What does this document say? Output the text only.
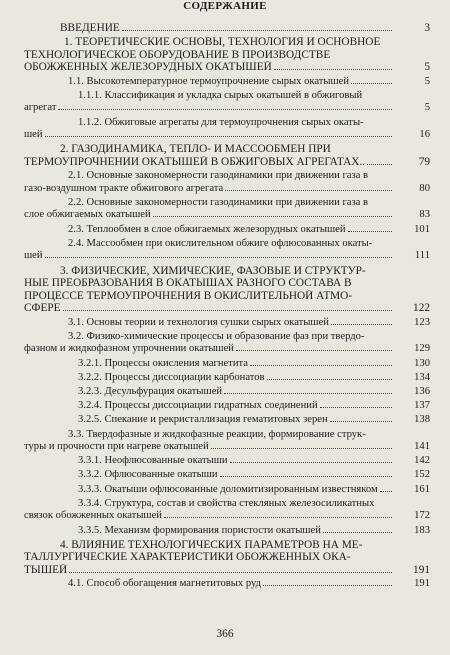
СОДЕРЖАНИЕ
ВВЕДЕНИЕ	3
1. ТЕОРЕТИЧЕСКИЕ ОСНОВЫ, ТЕХНОЛОГИЯ И ОСНОВНОЕ
ТЕХНОЛОГИЧЕСКОЕ ОБОРУДОВАНИЕ В ПРОИЗВОДСТВЕ
ОБОЖЖЕННЫХ ЖЕЛЕЗОРУДНЫХ ОКАТЫШЕЙ	5
1.1. Высокотемпературное термоупрочнение сырых окатышей	5
1.1.1. Классификация и укладка сырых окатышей в обжиговый
агрегат	5
1.1.2. Обжиговые агрегаты для термоупрочнения сырых окаты-
шей	16
2. ГАЗОДИНАМИКА, ТЕПЛО- И МАССООБМЕН ПРИ
ТЕРМОУПРОЧНЕНИИ ОКАТЫШЕЙ В ОБЖИГОВЫХ АГРЕГАТАХ..	79
2.1. Основные закономерности газодинамики при движении газа в
газо-воздушном тракте обжигового агрегата	80
2.2. Основные закономерности газодинамики при движении газа в
слое обжигаемых окатышей	83
2.3. Теплообмен в слое обжигаемых железорудных окатышей	101
2.4. Массообмен при окислительном обжиге офлюсованных окаты-
шей	111
3. ФИЗИЧЕСКИЕ, ХИМИЧЕСКИЕ, ФАЗОВЫЕ И СТРУКТУР-
НЫЕ ПРЕОБРАЗОВАНИЯ В ОКАТЫШАХ РАЗНОГО СОСТАВА В
ПРОЦЕССЕ ТЕРМОУПРОЧНЕНИЯ В ОКИСЛИТЕЛЬНОЙ АТМО-
СФЕРЕ	122
3.1. Основы теории и технология сушки сырых окатышей	123
3.2. Физико-химические процессы и образование фаз при твердо-
фазном и жидкофазном упрочнении окатышей	129
3.2.1. Процессы окисления магнетита	130
3.2.2. Процессы диссоциации карбонатов	134
3.2.3. Десульфурация окатышей	136
3.2.4. Процессы диссоциации гидратных соединений	137
3.2.5. Спекание и рекристаллизация гематитовых зерен	138
3.3. Твердофазные и жидкофазные реакции, формирование струк-
туры и прочности при нагреве окатышей	141
3.3.1. Неофлюсованные окатыши	142
3.3.2. Офлюсованные окатыши	152
3.3.3. Окатыши офлюсованные доломитизированным известняком	161
3.3.4. Структура, состав и свойства стекляных железосиликатных
связок обожженных окатышей	172
3.3.5. Механизм формирования пористости окатышей	183
4. ВЛИЯНИЕ ТЕХНОЛОГИЧЕСКИХ ПАРАМЕТРОВ НА МЕ-
ТАЛЛУРГИЧЕСКИЕ ХАРАКТЕРИСТИКИ ОБОЖЖЕННЫХ ОКА-
ТЫШЕЙ	191
4.1. Способ обогащения магнетитовых руд	191
366
